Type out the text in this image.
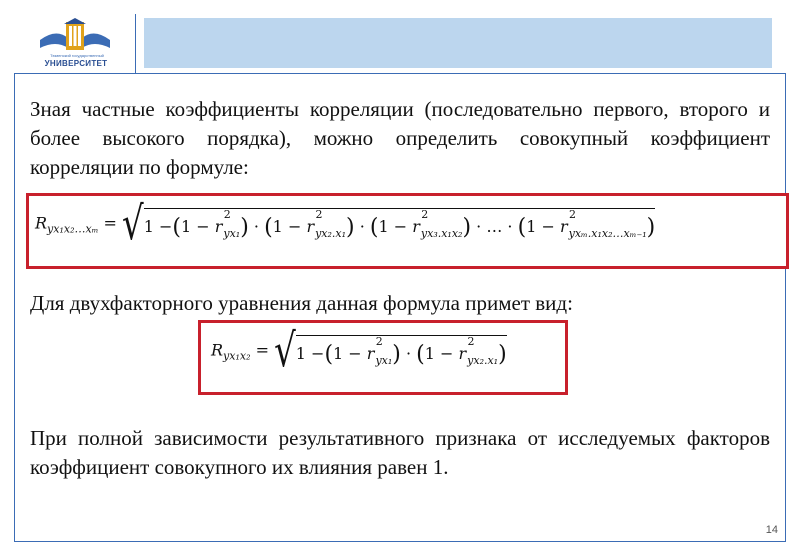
Тюменский государственный
УНИВЕРСИТЕТ
Зная частные коэффициенты корреляции (последовательно первого, второго и более высокого порядка), можно определить совокупный коэффициент корреляции по формуле:
$R_{yx_1x_2\dots x_m} = √1 -(1 - r$
2
$_{yx_1}$) · (1 − r
2
$_{yx_2.x_1}$) · (1 − r
2
$_{yx_3.x_1x_2}$) · … · (1 − r
2
$_{yx_m.x_1x_2\dots x_{m-1}}$)
Для двухфакторного уравнения данная формула примет вид:
$R_{yx_1x_2} = √1 -(1 - r$
2
$_{yx_1}$) · (1 − r
2
$_{yx_2.x_1}$)
При полной зависимости результативного признака от исследуемых факторов коэффициент совокупного их влияния равен 1.
14
